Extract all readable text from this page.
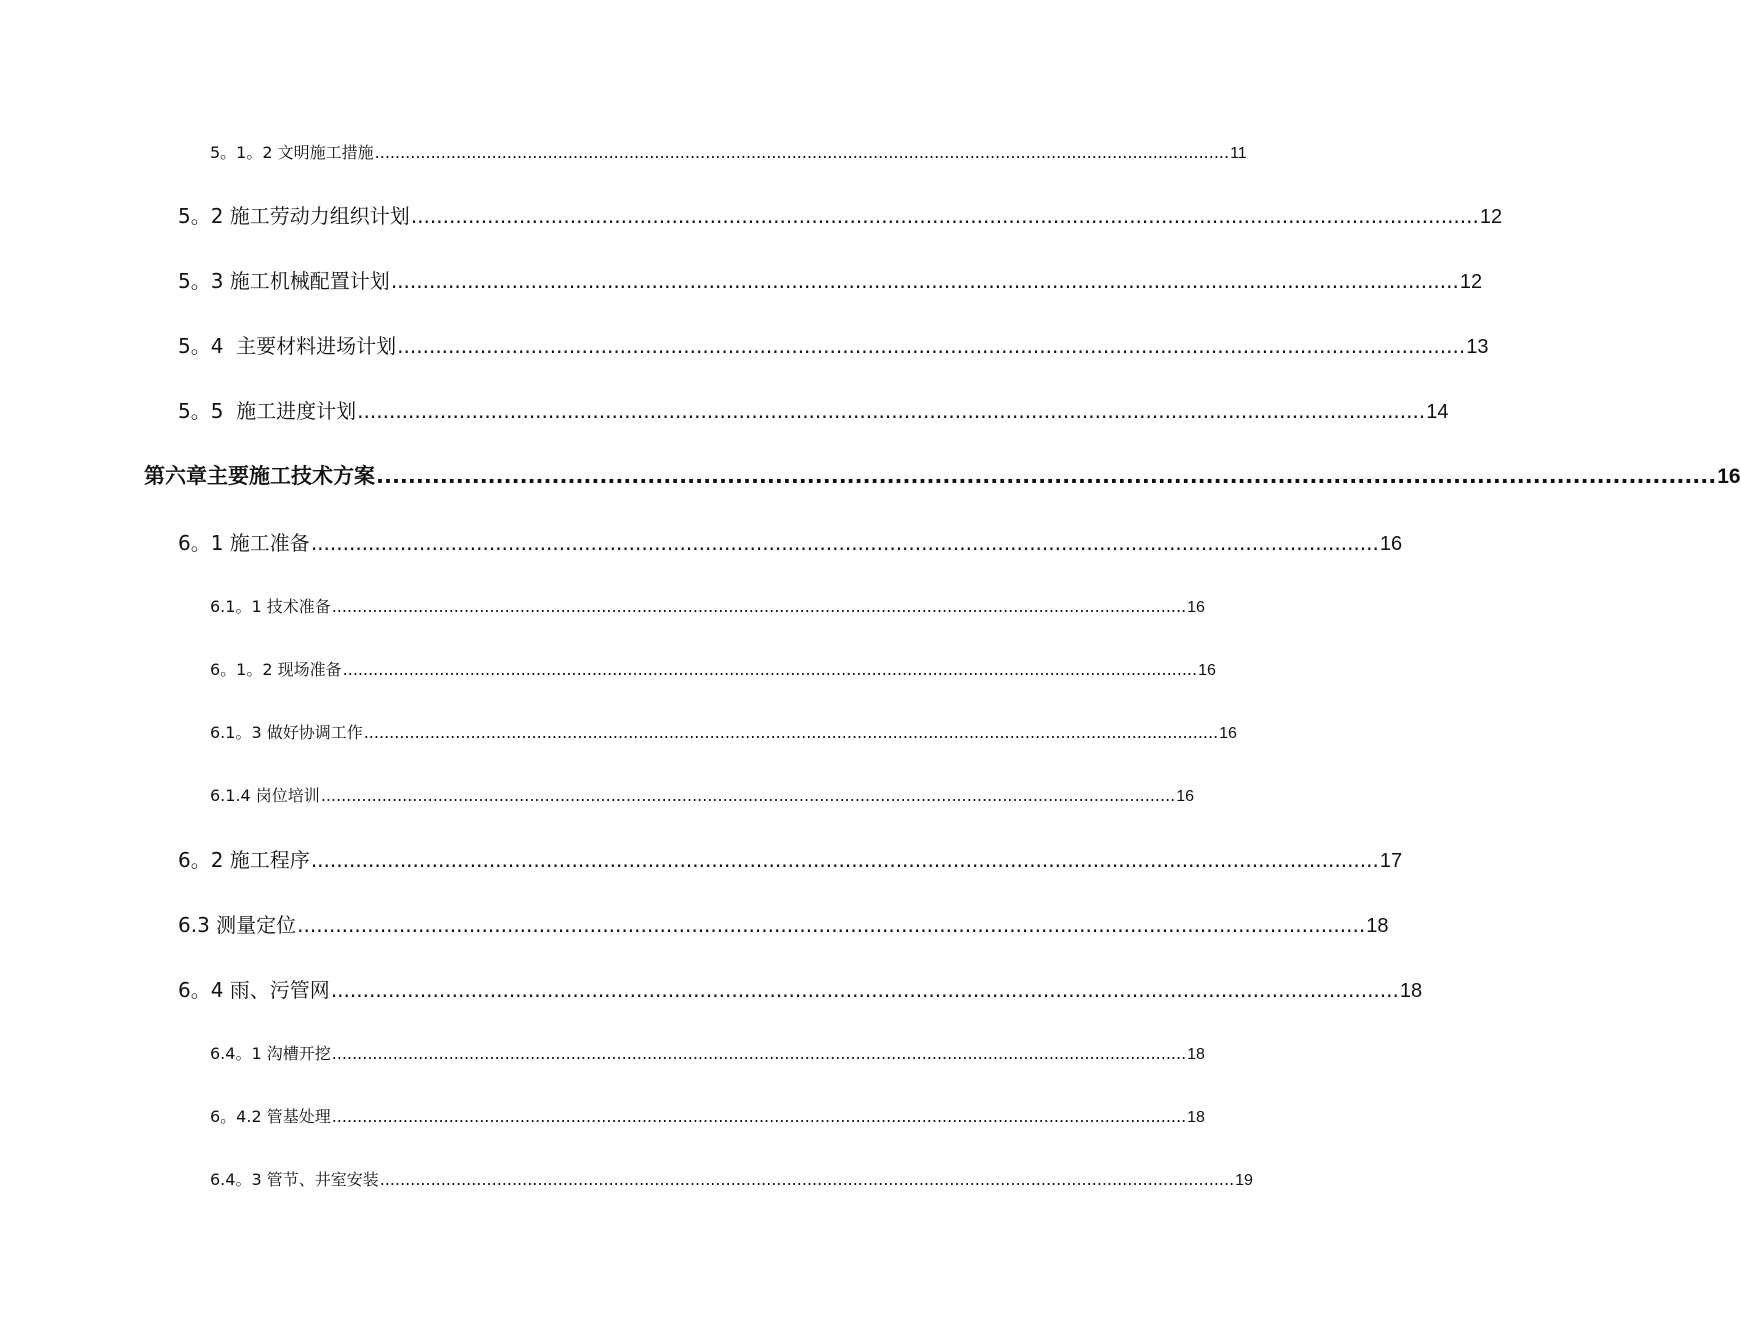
5。1。2 文明施工措施 ........................................................................................................................................................................ 11
5。2 施工劳动力组织计划 ........................................................................................................................................................................ 12
5。3 施工机械配置计划 ........................................................................................................................................................................ 12
5。4  主要材料进场计划 ........................................................................................................................................................................ 13
5。5  施工进度计划 ........................................................................................................................................................................ 14
第六章 主要施工技术方案 ........................................................................................................................................................................ 16
6。1 施工准备 ........................................................................................................................................................................ 16
6.1。1 技术准备 ........................................................................................................................................................................ 16
6。1。2 现场准备 ........................................................................................................................................................................ 16
6.1。3 做好协调工作 ........................................................................................................................................................................ 16
6.1.4 岗位培训 ........................................................................................................................................................................ 16
6。2 施工程序 ........................................................................................................................................................................ 17
6.3 测量定位 ........................................................................................................................................................................ 18
6。4 雨、污管网 ........................................................................................................................................................................ 18
6.4。1 沟槽开挖 ........................................................................................................................................................................ 18
6。4.2 管基处理 ........................................................................................................................................................................ 18
6.4。3 管节、井室安装 ........................................................................................................................................................................ 19
